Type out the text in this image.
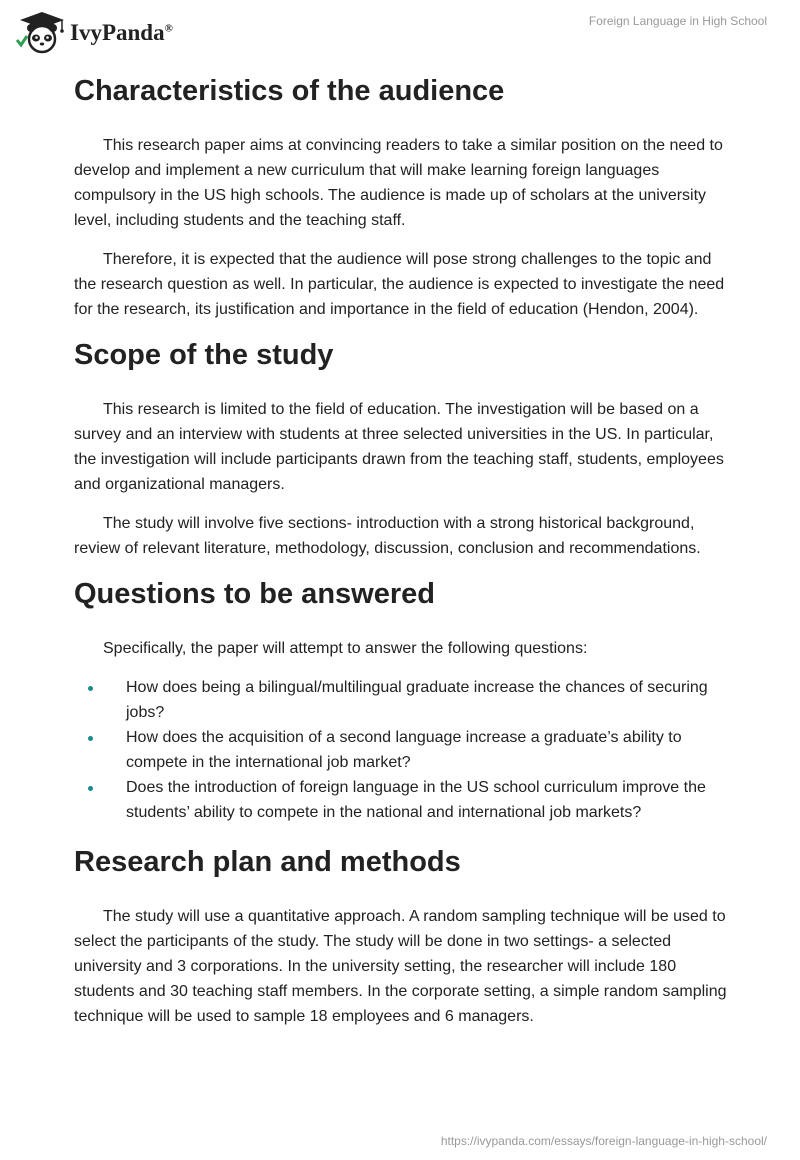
IvyPanda®
Foreign Language in High School
Characteristics of the audience

This research paper aims at convincing readers to take a similar position on the need to develop and implement a new curriculum that will make learning foreign languages compulsory in the US high schools. The audience is made up of scholars at the university level, including students and the teaching staff.

Therefore, it is expected that the audience will pose strong challenges to the topic and the research question as well. In particular, the audience is expected to investigate the need for the research, its justification and importance in the field of education (Hendon, 2004).

Scope of the study

This research is limited to the field of education. The investigation will be based on a survey and an interview with students at three selected universities in the US. In particular, the investigation will include participants drawn from the teaching staff, students, employees and organizational managers.

The study will involve five sections- introduction with a strong historical background, review of relevant literature, methodology, discussion, conclusion and recommendations.

Questions to be answered

Specifically, the paper will attempt to answer the following questions:

How does being a bilingual/multilingual graduate increase the chances of securing jobs?
How does the acquisition of a second language increase a graduate’s ability to compete in the international job market?
Does the introduction of foreign language in the US school curriculum improve the students’ ability to compete in the national and international job markets?
Research plan and methods

The study will use a quantitative approach. A random sampling technique will be used to select the participants of the study. The study will be done in two settings- a selected university and 3 corporations. In the university setting, the researcher will include 180 students and 30 teaching staff members. In the corporate setting, a simple random sampling technique will be used to sample 18 employees and 6 managers.

https://ivypanda.com/essays/foreign-language-in-high-school/
